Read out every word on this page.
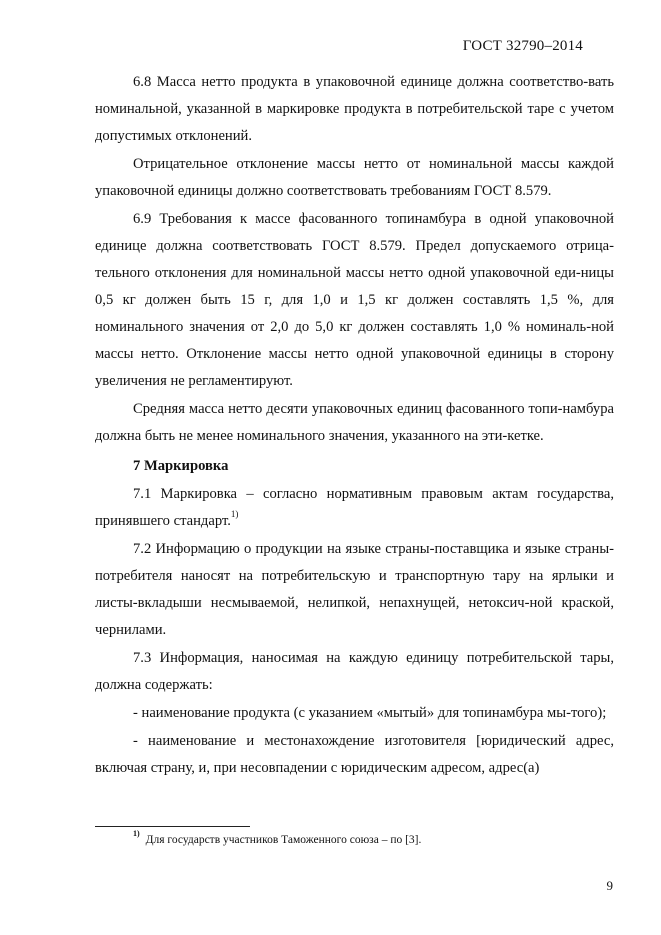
ГОСТ 32790–2014

6.8 Масса нетто продукта в упаковочной единице должна соответство-вать номинальной, указанной в маркировке продукта в потребительской таре с учетом допустимых отклонений.

Отрицательное отклонение массы нетто от номинальной массы каждой упаковочной единицы должно соответствовать требованиям ГОСТ 8.579.

6.9 Требования к массе фасованного топинамбура в одной упаковочной единице должна соответствовать ГОСТ 8.579. Предел допускаемого отрица-тельного отклонения для номинальной массы нетто одной упаковочной еди-ницы 0,5 кг должен быть 15 г, для 1,0 и 1,5 кг должен составлять 1,5 %, для номинального значения от 2,0 до 5,0 кг должен составлять 1,0 % номиналь-ной массы нетто. Отклонение массы нетто одной упаковочной единицы в сторону увеличения не регламентируют.

Средняя масса нетто десяти упаковочных единиц фасованного топи-намбура должна быть не менее номинального значения, указанного на эти-кетке.

7 Маркировка

7.1 Маркировка – согласно нормативным правовым актам государства, принявшего стандарт.$^{1)}$

7.2 Информацию о продукции на языке страны-поставщика и языке страны-потребителя наносят на потребительскую и транспортную тару на ярлыки и листы-вкладыши несмываемой, нелипкой, непахнущей, нетоксич-ной краской, чернилами.

7.3 Информация, наносимая на каждую единицу потребительской тары, должна содержать:

- наименование продукта (с указанием «мытый» для топинамбура мы-того);

- наименование и местонахождение изготовителя [юридический адрес, включая страну, и, при несовпадении с юридическим адресом, адрес(а)

$^{1)}$Для государств участников Таможенного союза – по [3].
9
